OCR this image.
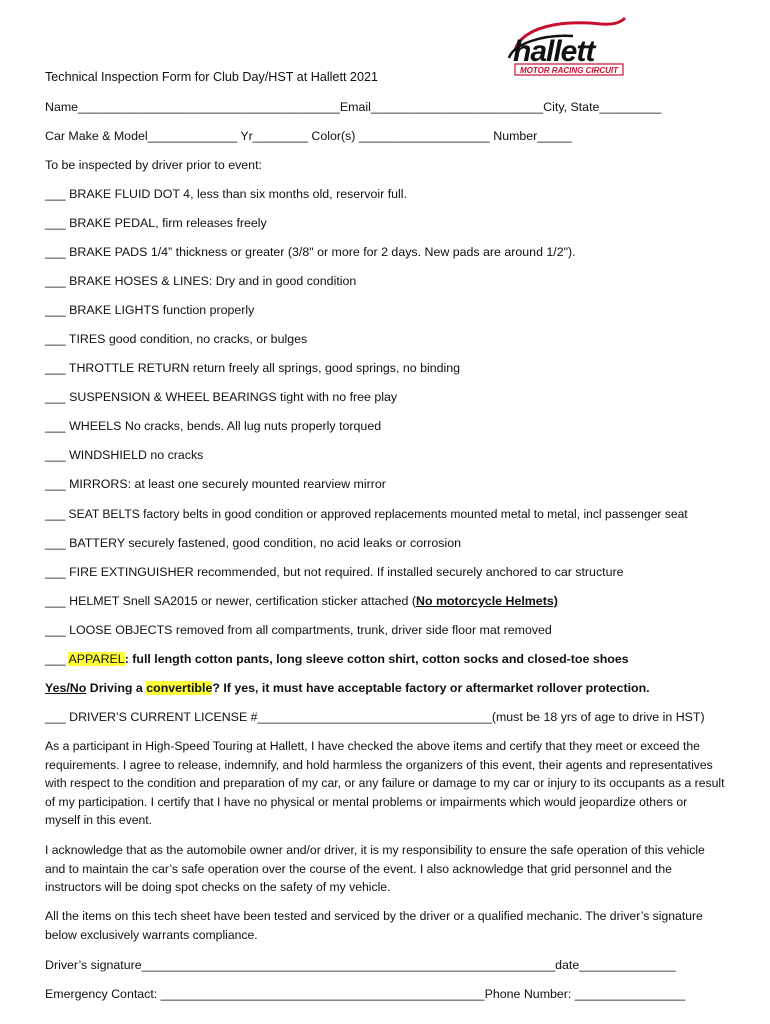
hallett
MOTOR RACING CIRCUIT
Technical Inspection Form for Club Day/HST at Hallett 2021
Name______________________________________Email_________________________City, State_________
Car Make & Model_____________ Yr________ Color(s) ___________________ Number_____
To be inspected by driver prior to event:
___ BRAKE FLUID DOT 4, less than six months old, reservoir full.
___ BRAKE PEDAL, firm releases freely
___ BRAKE PADS 1/4” thickness or greater (3/8" or more for 2 days. New pads are around 1/2").
___ BRAKE HOSES & LINES: Dry and in good condition
___ BRAKE LIGHTS function properly
___ TIRES good condition, no cracks, or bulges
___ THROTTLE RETURN return freely all springs, good springs, no binding
___ SUSPENSION & WHEEL BEARINGS tight with no free play
___ WHEELS No cracks, bends. All lug nuts properly torqued
___ WINDSHIELD no cracks
___ MIRRORS: at least one securely mounted rearview mirror
___ SEAT BELTS factory belts in good condition or approved replacements mounted metal to metal, incl passenger seat
___ BATTERY securely fastened, good condition, no acid leaks or corrosion
___ FIRE EXTINGUISHER recommended, but not required. If installed securely anchored to car structure
___ HELMET Snell SA2015 or newer, certification sticker attached (No motorcycle Helmets)
___ LOOSE OBJECTS removed from all compartments, trunk, driver side floor mat removed
___ APPAREL: full length cotton pants, long sleeve cotton shirt, cotton socks and closed-toe shoes
Yes/No Driving a convertible? If yes, it must have acceptable factory or aftermarket rollover protection.
___ DRIVER’S CURRENT LICENSE #__________________________________(must be 18 yrs of age to drive in HST)
As a participant in High-Speed Touring at Hallett, I have checked the above items and certify that they meet or exceed the requirements. I agree to release, indemnify, and hold harmless the organizers of this event, their agents and representatives with respect to the condition and preparation of my car, or any failure or damage to my car or injury to its occupants as a result of my participation. I certify that I have no physical or mental problems or impairments which would jeopardize others or myself in this event.
I acknowledge that as the automobile owner and/or driver, it is my responsibility to ensure the safe operation of this vehicle and to maintain the car’s safe operation over the course of the event. I also acknowledge that grid personnel and the instructors will be doing spot checks on the safety of my vehicle.
All the items on this tech sheet have been tested and serviced by the driver or a qualified mechanic. The driver’s signature below exclusively warrants compliance.
Driver’s signature____________________________________________________________date______________
Emergency Contact: _______________________________________________Phone Number: ________________
